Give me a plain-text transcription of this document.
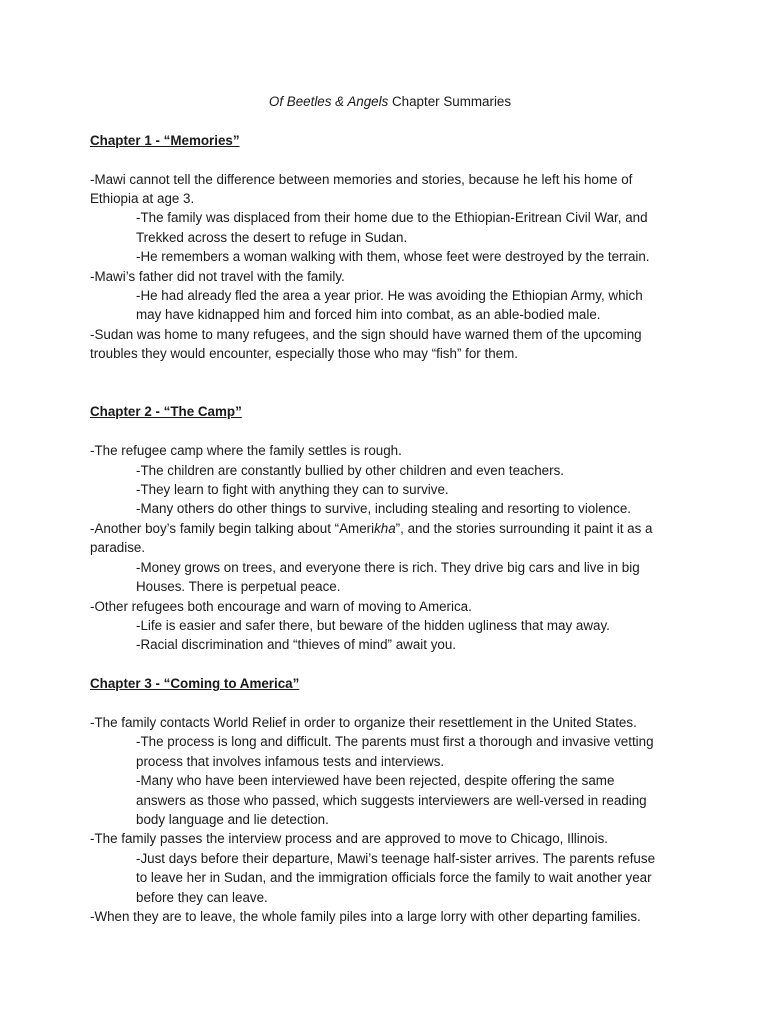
Of Beetles & Angels Chapter Summaries

Chapter 1 - “Memories”

-Mawi cannot tell the difference between memories and stories, because he left his home of

Ethiopia at age 3.

-The family was displaced from their home due to the Ethiopian-Eritrean Civil War, and

Trekked across the desert to refuge in Sudan.

-He remembers a woman walking with them, whose feet were destroyed by the terrain.

-Mawi’s father did not travel with the family.

-He had already fled the area a year prior. He was avoiding the Ethiopian Army, which

may have kidnapped him and forced him into combat, as an able-bodied male.

-Sudan was home to many refugees, and the sign should have warned them of the upcoming

troubles they would encounter, especially those who may “fish” for them.

Chapter 2 - “The Camp”

-The refugee camp where the family settles is rough.

-The children are constantly bullied by other children and even teachers.

-They learn to fight with anything they can to survive.

-Many others do other things to survive, including stealing and resorting to violence.

-Another boy’s family begin talking about “Amerikha”, and the stories surrounding it paint it as a

paradise.

-Money grows on trees, and everyone there is rich. They drive big cars and live in big

Houses. There is perpetual peace.

-Other refugees both encourage and warn of moving to America.

-Life is easier and safer there, but beware of the hidden ugliness that may away.

-Racial discrimination and “thieves of mind” await you.

Chapter 3 - “Coming to America”

-The family contacts World Relief in order to organize their resettlement in the United States.

-The process is long and difficult. The parents must first a thorough and invasive vetting

process that involves infamous tests and interviews.

-Many who have been interviewed have been rejected, despite offering the same

answers as those who passed, which suggests interviewers are well-versed in reading

body language and lie detection.

-The family passes the interview process and are approved to move to Chicago, Illinois.

-Just days before their departure, Mawi’s teenage half-sister arrives. The parents refuse

to leave her in Sudan, and the immigration officials force the family to wait another year

before they can leave.

-When they are to leave, the whole family piles into a large lorry with other departing families.
